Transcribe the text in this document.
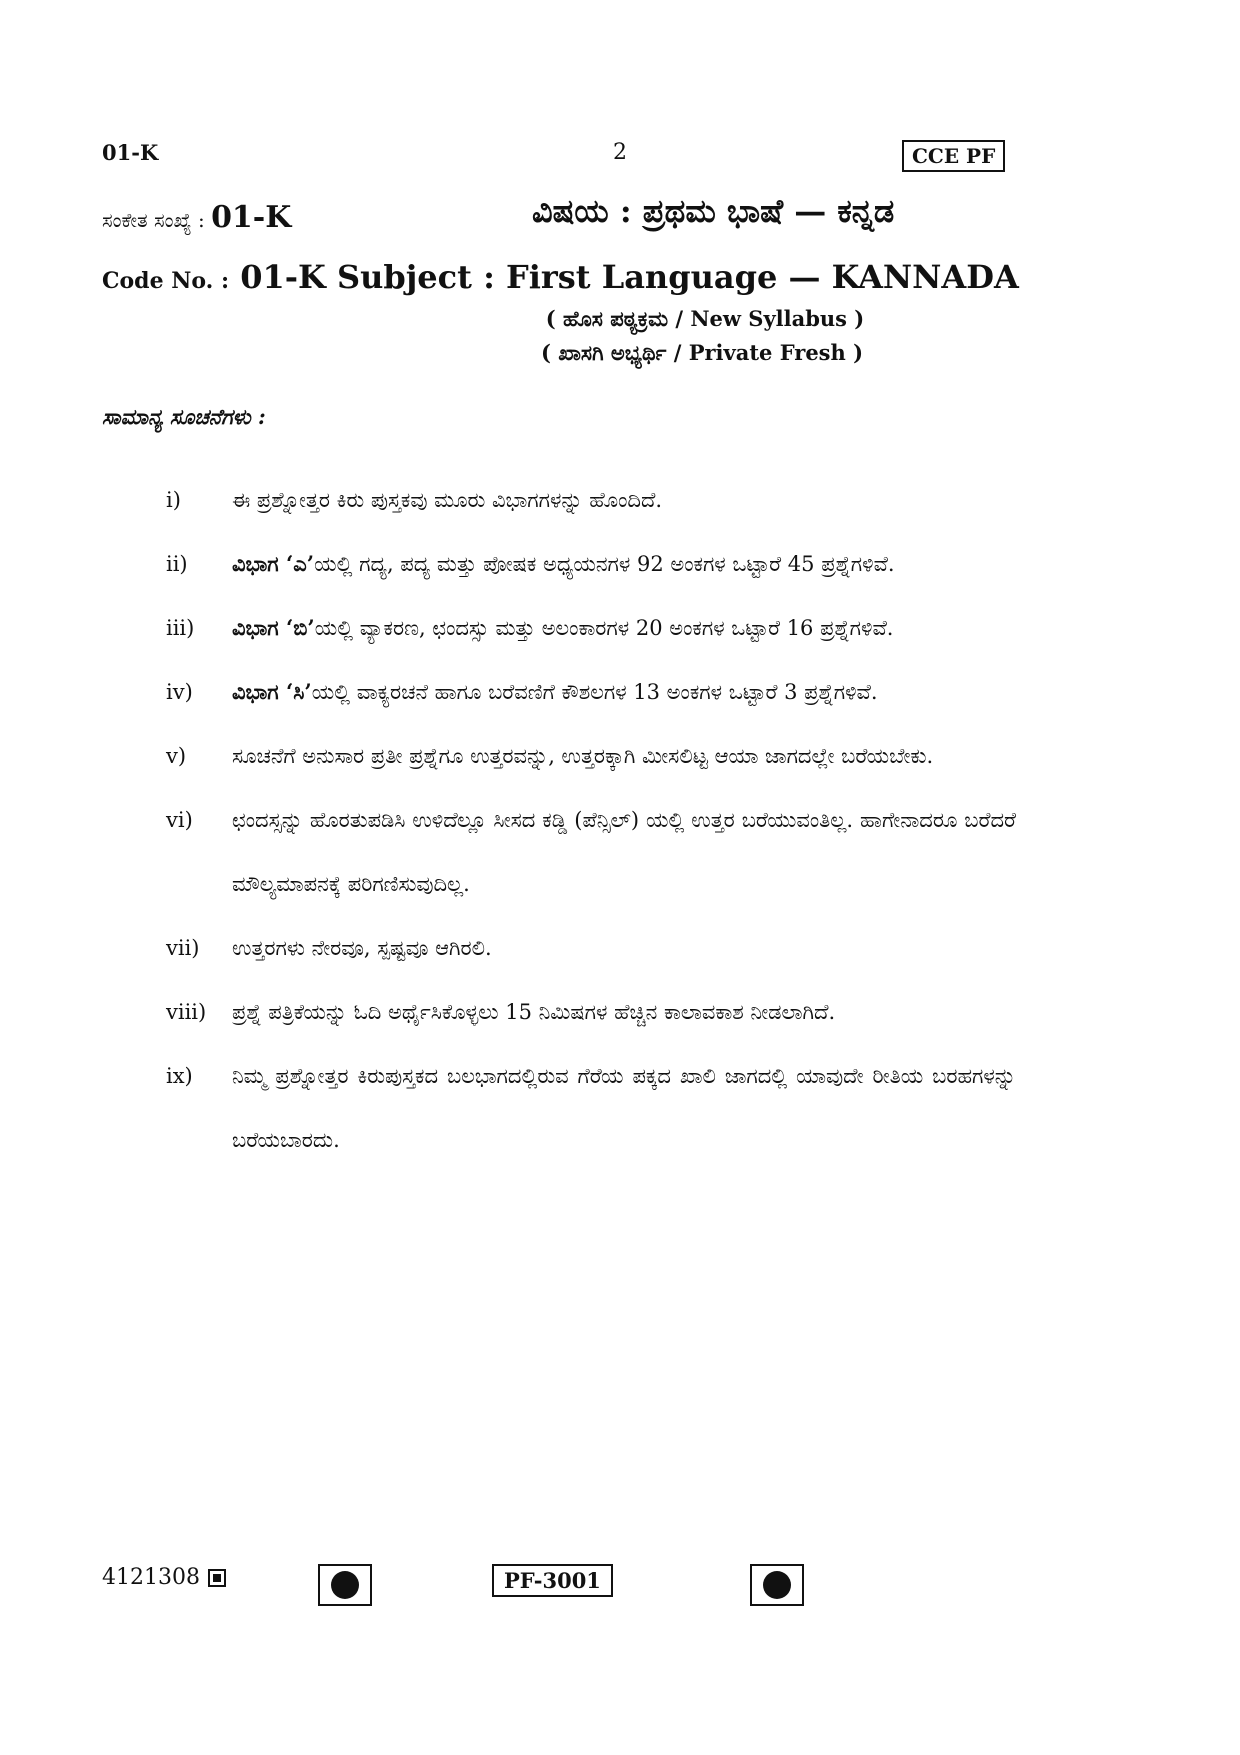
01-K	2	CCE PF
ಸಂಕೇತ ಸಂಖ್ಯೆ : 01-K	ವಿಷಯ : ಪ್ರಥಮ ಭಾಷೆ — ಕನ್ನಡ
Code No. : 01-K Subject : First Language — KANNADA
( ಹೊಸ ಪಠ್ಯಕ್ರಮ / New Syllabus )
( ಖಾಸಗಿ ಅಭ್ಯರ್ಥಿ / Private Fresh )
ಸಾಮಾನ್ಯ ಸೂಚನೆಗಳು :
i)	ಈ ಪ್ರಶ್ನೋತ್ತರ ಕಿರು ಪುಸ್ತಕವು ಮೂರು ವಿಭಾಗಗಳನ್ನು ಹೊಂದಿದೆ.
ii)	ವಿಭಾಗ ‘ಎ’ಯಲ್ಲಿ ಗದ್ಯ, ಪದ್ಯ ಮತ್ತು ಪೋಷಕ ಅಧ್ಯಯನಗಳ 92 ಅಂಕಗಳ ಒಟ್ಟಾರೆ 45 ಪ್ರಶ್ನೆಗಳಿವೆ.
iii)	ವಿಭಾಗ ‘ಬಿ’ಯಲ್ಲಿ ವ್ಯಾಕರಣ, ಛಂದಸ್ಸು ಮತ್ತು ಅಲಂಕಾರಗಳ 20 ಅಂಕಗಳ ಒಟ್ಟಾರೆ 16 ಪ್ರಶ್ನೆಗಳಿವೆ.
iv)	ವಿಭಾಗ ‘ಸಿ’ಯಲ್ಲಿ ವಾಕ್ಯರಚನೆ ಹಾಗೂ ಬರೆವಣಿಗೆ ಕೌಶಲಗಳ 13 ಅಂಕಗಳ ಒಟ್ಟಾರೆ 3 ಪ್ರಶ್ನೆಗಳಿವೆ.
v)	ಸೂಚನೆಗೆ ಅನುಸಾರ ಪ್ರತೀ ಪ್ರಶ್ನೆಗೂ ಉತ್ತರವನ್ನು, ಉತ್ತರಕ್ಕಾಗಿ ಮೀಸಲಿಟ್ಟ ಆಯಾ ಜಾಗದಲ್ಲೇ ಬರೆಯಬೇಕು.
vi)	ಛಂದಸ್ಸನ್ನು ಹೊರತುಪಡಿಸಿ ಉಳಿದೆಲ್ಲೂ ಸೀಸದ ಕಡ್ಡಿ (ಪೆನ್ಸಿಲ್) ಯಲ್ಲಿ ಉತ್ತರ ಬರೆಯುವಂತಿಲ್ಲ. ಹಾಗೇನಾದರೂ ಬರೆದರೆ ಮೌಲ್ಯಮಾಪನಕ್ಕೆ ಪರಿಗಣಿಸುವುದಿಲ್ಲ.
vii)	ಉತ್ತರಗಳು ನೇರವೂ, ಸ್ಪಷ್ಟವೂ ಆಗಿರಲಿ.
viii)	ಪ್ರಶ್ನೆ ಪತ್ರಿಕೆಯನ್ನು ಓದಿ ಅರ್ಥೈಸಿಕೊಳ್ಳಲು 15 ನಿಮಿಷಗಳ ಹೆಚ್ಚಿನ ಕಾಲಾವಕಾಶ ನೀಡಲಾಗಿದೆ.
ix)	ನಿಮ್ಮ ಪ್ರಶ್ನೋತ್ತರ ಕಿರುಪುಸ್ತಕದ ಬಲಭಾಗದಲ್ಲಿರುವ ಗೆರೆಯ ಪಕ್ಕದ ಖಾಲಿ ಜಾಗದಲ್ಲಿ ಯಾವುದೇ ರೀತಿಯ ಬರಹಗಳನ್ನು ಬರೆಯಬಾರದು.
4121308	PF-3001
